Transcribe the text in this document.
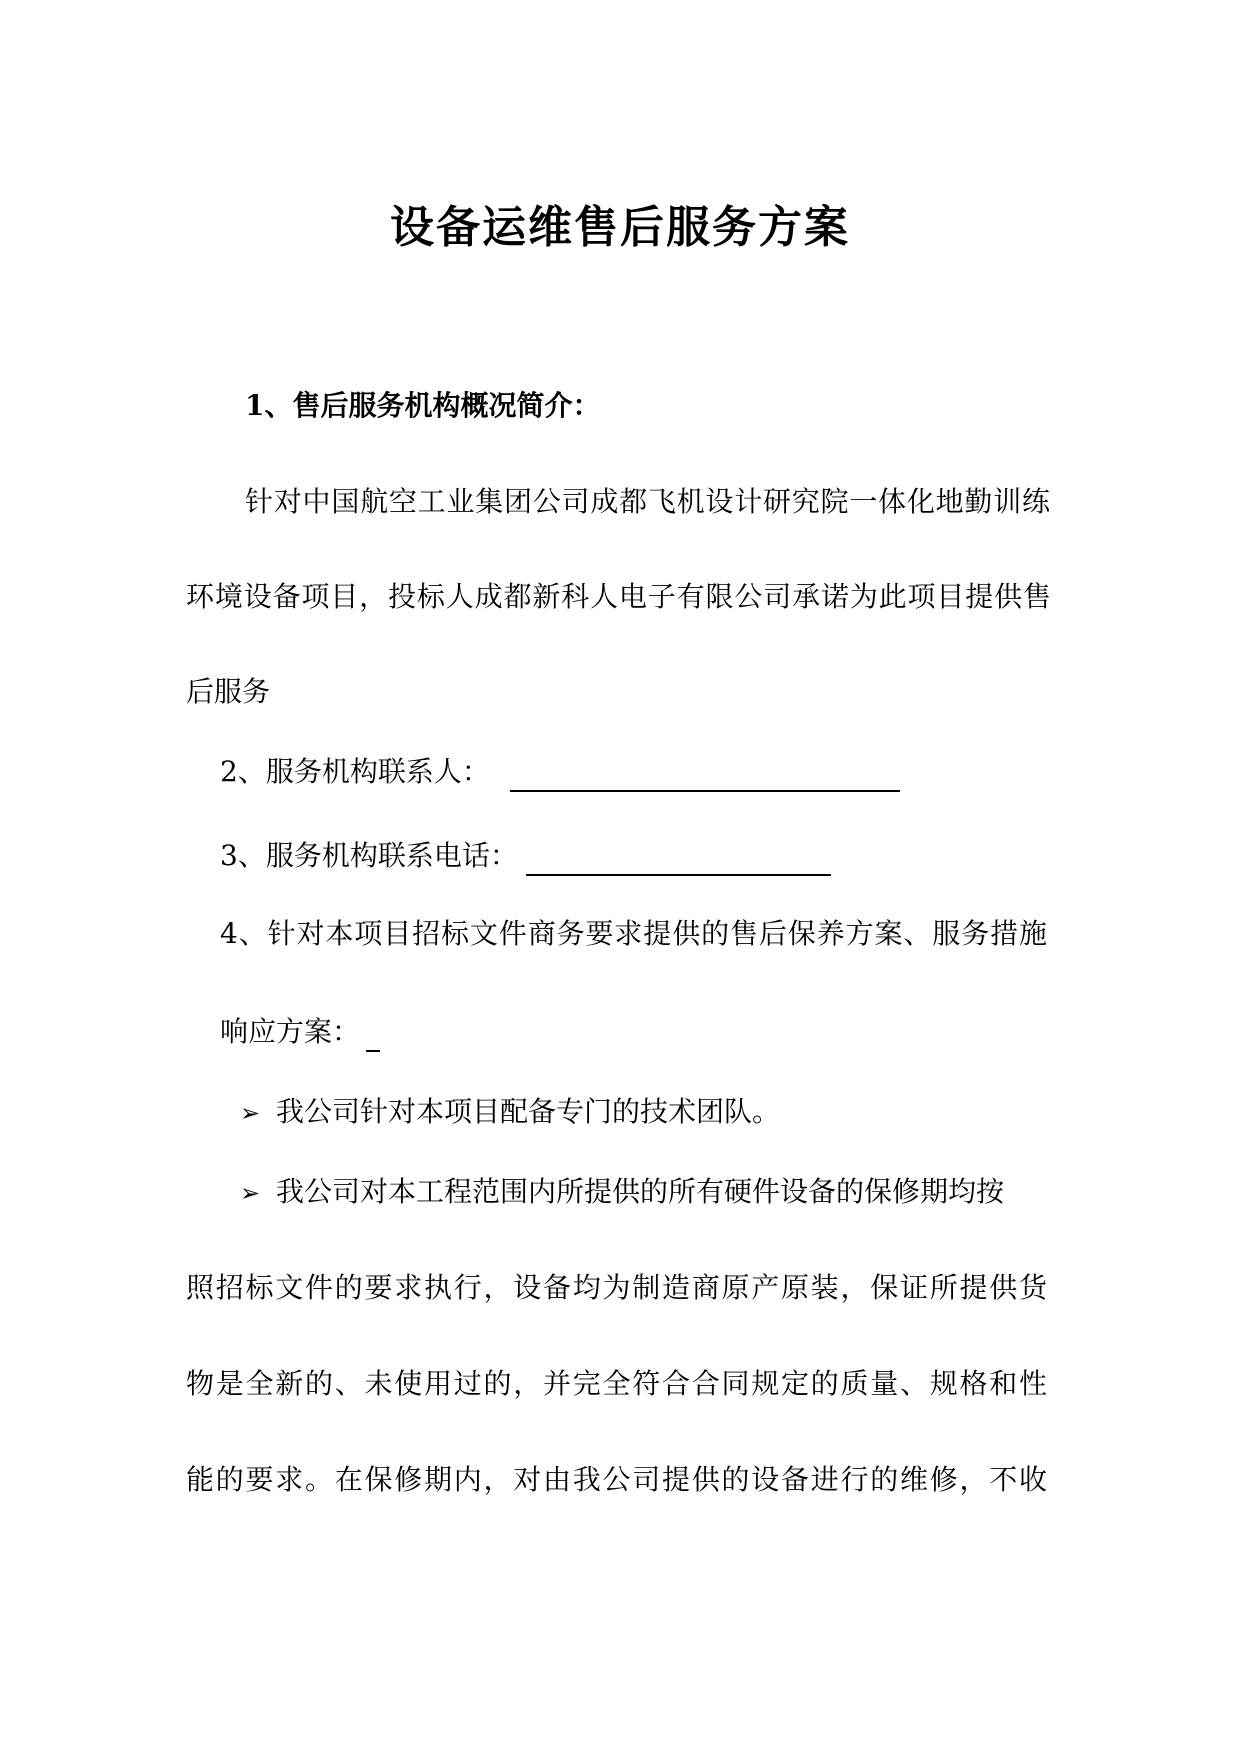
设备运维售后服务方案
1、售后服务机构概况简介：
针对中国航空工业集团公司成都飞机设计研究院一体化地勤训练
环境设备项目，投标人成都新科人电子有限公司承诺为此项目提供售
后服务
2、服务机构联系人：
3、服务机构联系电话：
4、针对本项目招标文件商务要求提供的售后保养方案、服务措施
响应方案：
➢ 我公司针对本项目配备专门的技术团队。
➢ 我公司对本工程范围内所提供的所有硬件设备的保修期均按
照招标文件的要求执行，设备均为制造商原产原装，保证所提供货
物是全新的、未使用过的，并完全符合合同规定的质量、规格和性
能的要求。在保修期内，对由我公司提供的设备进行的维修，不收
